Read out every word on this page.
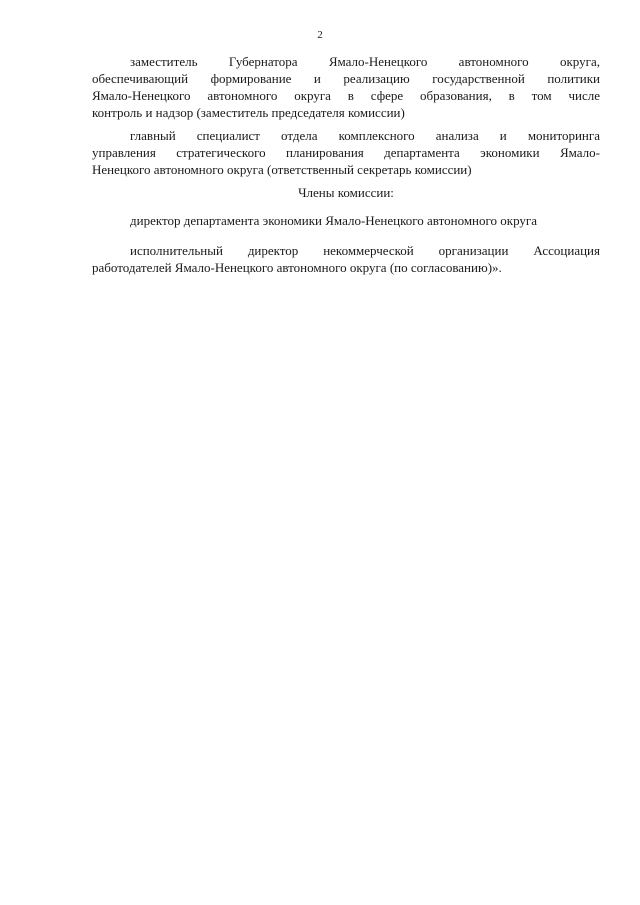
2
заместитель Губернатора Ямало-Ненецкого автономного округа,
обеспечивающий формирование и реализацию государственной политики
Ямало-Ненецкого автономного округа в сфере образования, в том числе
контроль и надзор (заместитель председателя комиссии)
главный специалист отдела комплексного анализа и мониторинга
управления стратегического планирования департамента экономики Ямало-
Ненецкого автономного округа (ответственный секретарь комиссии)
Члены комиссии:
директор департамента экономики Ямало-Ненецкого автономного округа
исполнительный директор некоммерческой организации Ассоциация
работодателей Ямало-Ненецкого автономного округа (по согласованию)».
